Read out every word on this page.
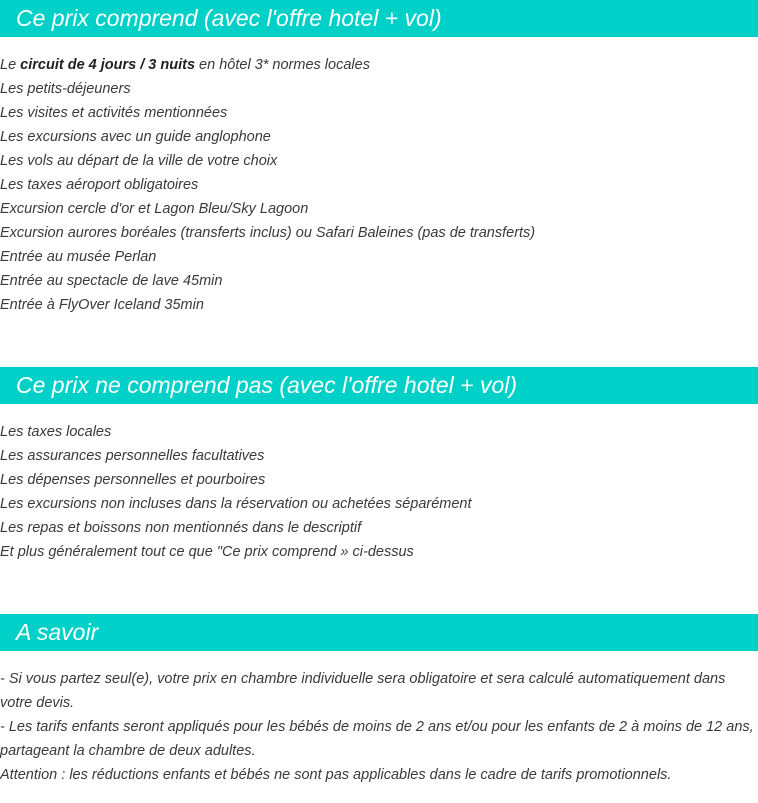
Ce prix comprend (avec l'offre hotel + vol)
Le circuit de 4 jours / 3 nuits en hôtel 3* normes locales
Les petits-déjeuners
Les visites et activités mentionnées
Les excursions avec un guide anglophone
Les vols au départ de la ville de votre choix
Les taxes aéroport obligatoires
Excursion cercle d'or et Lagon Bleu/Sky Lagoon
Excursion aurores boréales (transferts inclus) ou Safari Baleines (pas de transferts)
Entrée au musée Perlan
Entrée au spectacle de lave 45min
Entrée à FlyOver Iceland 35min
Ce prix ne comprend pas (avec l'offre hotel + vol)
Les taxes locales
Les assurances personnelles facultatives
Les dépenses personnelles et pourboires
Les excursions non incluses dans la réservation ou achetées séparément
Les repas et boissons non mentionnés dans le descriptif
Et plus généralement tout ce que "Ce prix comprend » ci-dessus
A savoir

- Si vous partez seul(e), votre prix en chambre individuelle sera obligatoire et sera calculé automatiquement dans votre devis.

- Les tarifs enfants seront appliqués pour les bébés de moins de 2 ans et/ou pour les enfants de 2 à moins de 12 ans, partageant la chambre de deux adultes.

Attention : les réductions enfants et bébés ne sont pas applicables dans le cadre de tarifs promotionnels.
